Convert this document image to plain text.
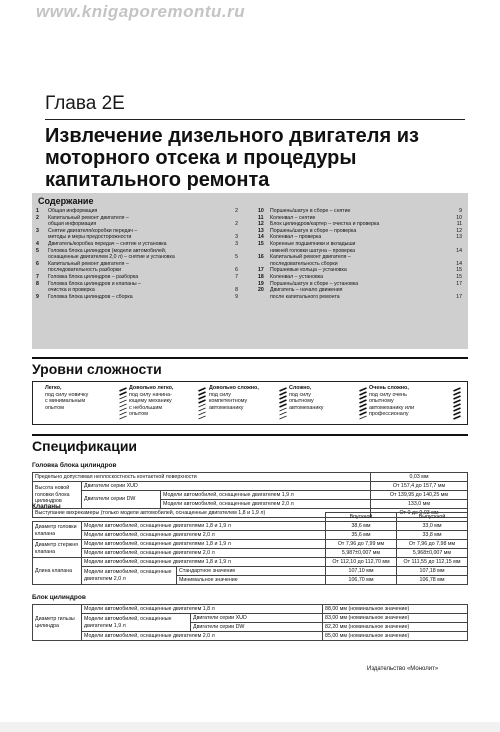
www.knigaporemontu.ru
Глава 2E
Извлечение дизельного двигателя из моторного отсека и процедуры капитального ремонта
Содержание
1	Общая информация	2
2	Капитальный ремонт двигателя –
общая информация	2
3	Снятие двигателя/коробки передач –
методы и меры предосторожности	3
4	Двигатель/коробка передач – снятие и установка	3
5	Головка блока цилиндров (модели автомобилей,
оснащенные двигателем 2,0 л) – снятие и установка	5
6	Капитальный ремонт двигателя –
последовательность разборки	6
7	Головка блока цилиндров – разборка	7
8	Головка блока цилиндров и клапаны –
очистка и проверка	8
9	Головка блока цилиндров – сборка	9
10	Поршень/шатун в сборе – снятие	9
11	Коленвал – снятие	10
12	Блок цилиндров/картер – очистка и проверка	11
13	Поршень/шатун в сборе – проверка	12
14	Коленвал – проверка	13
15	Коренные подшипники и вкладыши
нижней головки шатуна – проверка	14
16	Капитальный ремонт двигателя –
последовательность сборки	14
17	Поршневые кольца – установка	15
18	Коленвал – установка	15
19	Поршень/шатун в сборе – установка	17
20	Двигатель – начало движения
после капитального ремонта	17
Уровни сложности
Легко,
под силу новичку
с минимальным
опытом
Довольно легко,
под силу начина-
ющему механику
с небольшим
опытом
Довольно сложно,
под силу
компетентному
автомеханику
Сложно,
под силу
опытному
автомеханику
Очень сложно,
под силу очень
опытному
автомеханику или
профессионалу
Спецификации
Головка блока цилиндров
Предельно допустимая неплоскостность контактной поверхности			0,03 мм
Высота новой головки блока цилиндров	Двигатели серии XUD		От 157,4 до 157,7 мм
	Двигатели серии DW	Модели автомобилей, оснащенные двигателем 1,9 л	От 139,95 до 140,25 мм
		Модели автомобилей, оснащенные двигателем 2,0 л	133,0 мм
Выступание вихрекамеры (только модели автомобилей, оснащенные двигателем 1,8 и 1,9 л)			От 0 до 0,03 мм
Клапаны
			Впускной	Выпускной
Диаметр головки клапана	Модели автомобилей, оснащенные двигателями 1,8 и 1,9 л		38,6 мм	33,0 мм
	Модели автомобилей, оснащенные двигателем 2,0 л		35,6 мм	33,8 мм
Диаметр стержня клапана	Модели автомобилей, оснащенные двигателями 1,8 и 1,9 л		От 7,96 до 7,99 мм	От 7,96 до 7,98 мм
	Модели автомобилей, оснащенные двигателем 2,0 л		5,987±0,007 мм	5,968±0,007 мм
Длина клапана	Модели автомобилей, оснащенные двигателями 1,8 и 1,9 л		От 112,10 до 112,70 мм	От 111,55 до 112,15 мм
	Модели автомобилей, оснащенные двигателем 2,0 л	Стандартное значение	107,10 мм	107,18 мм
		Минимальное значение	106,70 мм	106,78 мм
Блок цилиндров
Диаметр гильзы цилиндра	Модели автомобилей, оснащенные двигателем 1,8 л		88,00 мм (номинальное значение)
	Модели автомобилей, оснащенные двигателем 1,9 л	Двигатели серии XUD	83,00 мм (номинальное значение)
		Двигатели серии DW	82,20 мм (номинальное значение)
	Модели автомобилей, оснащенные двигателем 2,0 л		85,00 мм (номинальное значение)
Издательство «Монолит»
